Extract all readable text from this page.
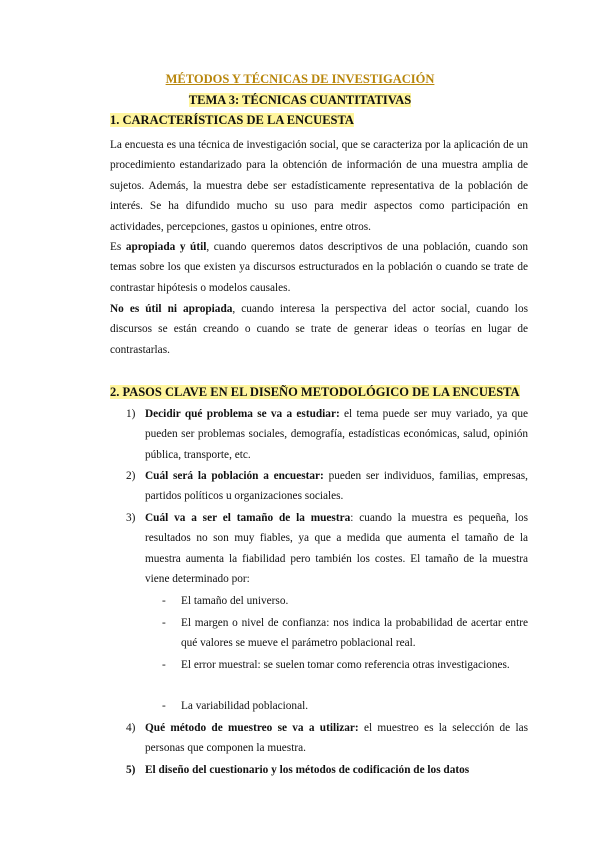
MÉTODOS Y TÉCNICAS DE INVESTIGACIÓN
TEMA 3: TÉCNICAS CUANTITATIVAS
1. CARACTERÍSTICAS DE LA ENCUESTA

La encuesta es una técnica de investigación social, que se caracteriza por la aplicación de un procedimiento estandarizado para la obtención de información de una muestra amplia de sujetos. Además, la muestra debe ser estadísticamente representativa de la población de interés. Se ha difundido mucho su uso para medir aspectos como participación en actividades, percepciones, gastos u opiniones, entre otros.

Es apropiada y útil, cuando queremos datos descriptivos de una población, cuando son temas sobre los que existen ya discursos estructurados en la población o cuando se trate de contrastar hipótesis o modelos causales.

No es útil ni apropiada, cuando interesa la perspectiva del actor social, cuando los discursos se están creando o cuando se trate de generar ideas o teorías en lugar de contrastarlas.

2. PASOS CLAVE EN EL DISEÑO METODOLÓGICO DE LA ENCUESTA
1) Decidir qué problema se va a estudiar: el tema puede ser muy variado, ya que pueden ser problemas sociales, demografía, estadísticas económicas, salud, opinión pública, transporte, etc.

2) Cuál será la población a encuestar: pueden ser individuos, familias, empresas, partidos políticos u organizaciones sociales.

3) Cuál va a ser el tamaño de la muestra: cuando la muestra es pequeña, los resultados no son muy fiables, ya que a medida que aumenta el tamaño de la muestra aumenta la fiabilidad pero también los costes. El tamaño de la muestra viene determinado por:

- El tamaño del universo.

- El margen o nivel de confianza: nos indica la probabilidad de acertar entre qué valores se mueve el parámetro poblacional real.

- El error muestral: se suelen tomar como referencia otras investigaciones.

- La variabilidad poblacional.

4) Qué método de muestreo se va a utilizar: el muestreo es la selección de las personas que componen la muestra.

5) El diseño del cuestionario y los métodos de codificación de los datos
